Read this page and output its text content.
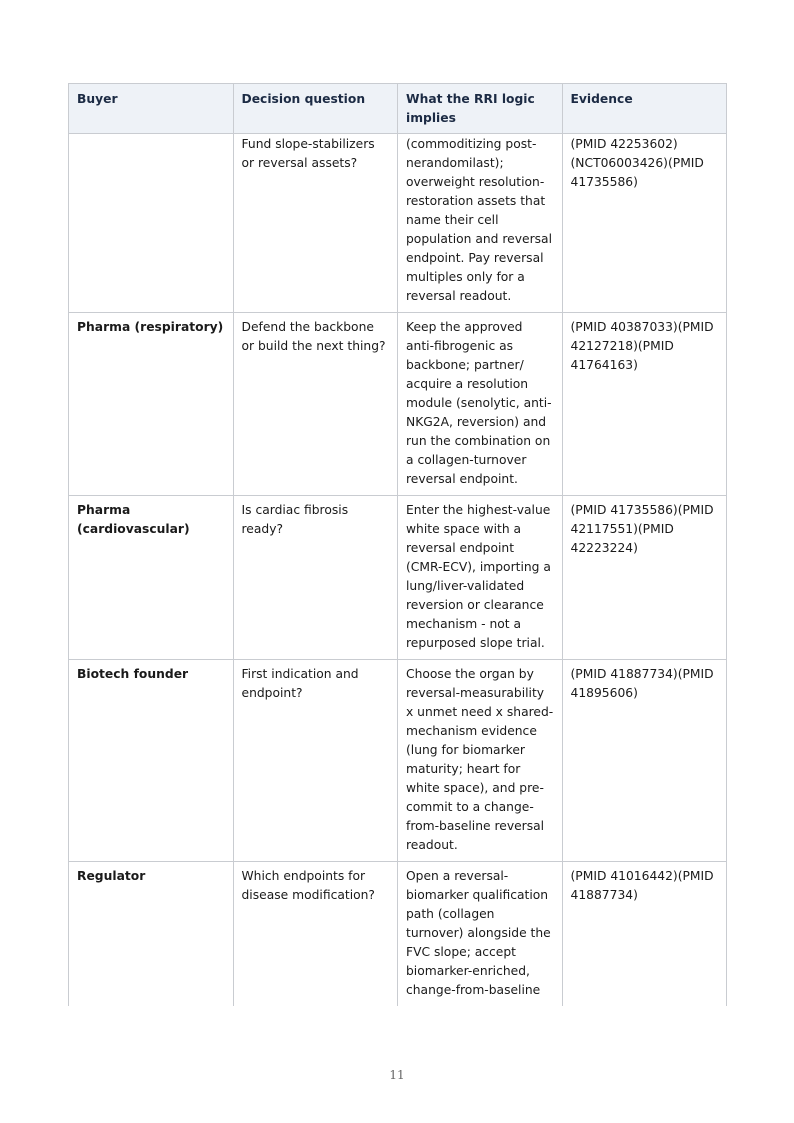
Buyer	Decision question	What the RRI logic implies	Evidence
	Fund slope-stabilizers or reversal assets?	(commoditizing post-nerandomilast); overweight resolution-restoration assets that name their cell population and reversal endpoint. Pay reversal multiples only for a reversal readout.	(PMID 42253602) (NCT06003426)(PMID 41735586)
Pharma (respiratory)	Defend the backbone or build the next thing?	Keep the approved anti-fibrogenic as backbone; partner/ acquire a resolution module (senolytic, anti-NKG2A, reversion) and run the combination on a collagen-turnover reversal endpoint.	(PMID 40387033)(PMID 42127218)(PMID 41764163)
Pharma (cardiovascular)	Is cardiac fibrosis ready?	Enter the highest-value white space with a reversal endpoint (CMR-ECV), importing a lung/liver-validated reversion or clearance mechanism - not a repurposed slope trial.	(PMID 41735586)(PMID 42117551)(PMID 42223224)
Biotech founder	First indication and endpoint?	Choose the organ by reversal-measurability x unmet need x shared-mechanism evidence (lung for biomarker maturity; heart for white space), and pre-commit to a change-from-baseline reversal readout.	(PMID 41887734)(PMID 41895606)
Regulator	Which endpoints for disease modification?	Open a reversal-biomarker qualification path (collagen turnover) alongside the FVC slope; accept biomarker-enriched, change-from-baseline	(PMID 41016442)(PMID 41887734)
11
